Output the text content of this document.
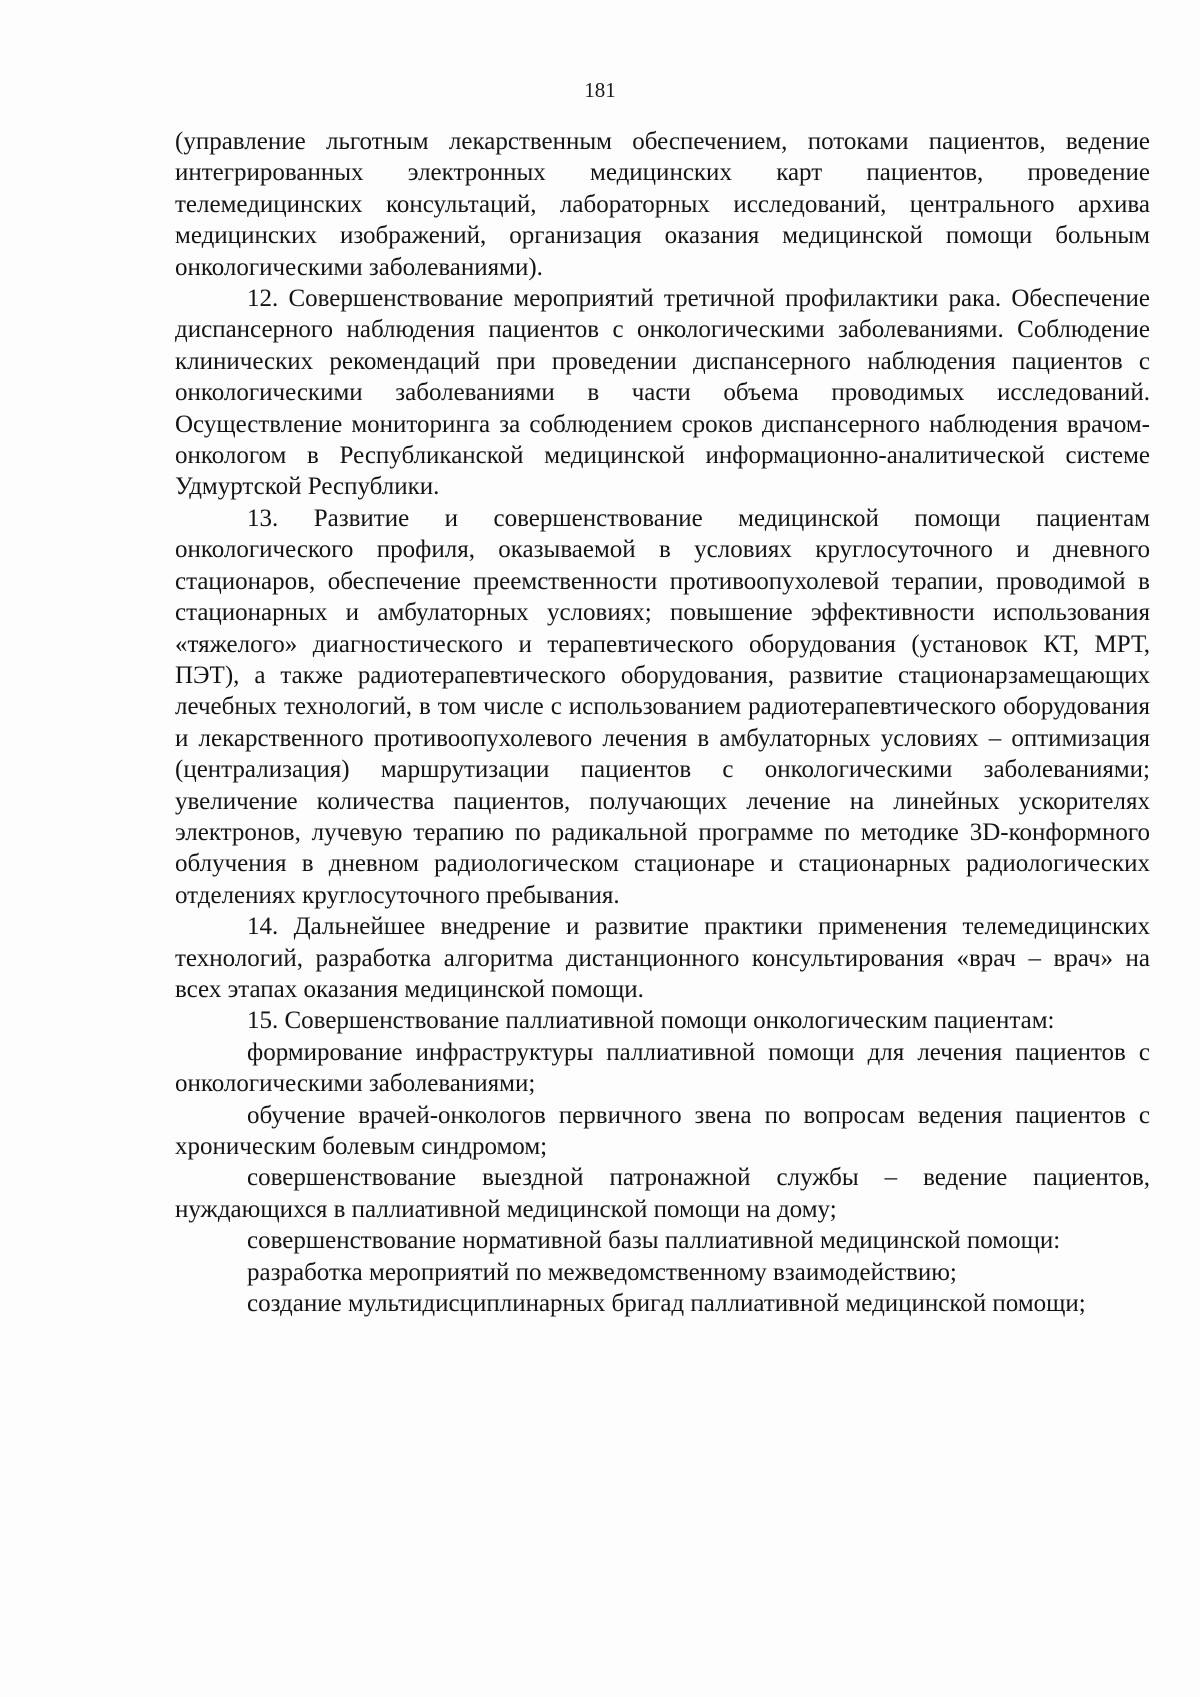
181

(управление льготным лекарственным обеспечением, потоками пациентов, ведение интегрированных электронных медицинских карт пациентов, проведение телемедицинских консультаций, лабораторных исследований, центрального архива медицинских изображений, организация оказания медицинской помощи больным онкологическими заболеваниями).

12. Совершенствование мероприятий третичной профилактики рака. Обеспечение диспансерного наблюдения пациентов с онкологическими заболеваниями. Соблюдение клинических рекомендаций при проведении диспансерного наблюдения пациентов с онкологическими заболеваниями в части объема проводимых исследований. Осуществление мониторинга за соблюдением сроков диспансерного наблюдения врачом-онкологом в Республиканской медицинской информационно-аналитической системе Удмуртской Республики.

13. Развитие и совершенствование медицинской помощи пациентам онкологического профиля, оказываемой в условиях круглосуточного и дневного стационаров, обеспечение преемственности противоопухолевой терапии, проводимой в стационарных и амбулаторных условиях; повышение эффективности использования «тяжелого» диагностического и терапевтического оборудования (установок КТ, МРТ, ПЭТ), а также радиотерапевтического оборудования, развитие стационарзамещающих лечебных технологий, в том числе с использованием радиотерапевтического оборудования и лекарственного противоопухолевого лечения в амбулаторных условиях – оптимизация (централизация) маршрутизации пациентов с онкологическими заболеваниями; увеличение количества пациентов, получающих лечение на линейных ускорителях электронов, лучевую терапию по радикальной программе по методике 3D-конформного облучения в дневном радиологическом стационаре и стационарных радиологических отделениях круглосуточного пребывания.

14. Дальнейшее внедрение и развитие практики применения телемедицинских технологий, разработка алгоритма дистанционного консультирования «врач – врач» на всех этапах оказания медицинской помощи.

15. Совершенствование паллиативной помощи онкологическим пациентам:

формирование инфраструктуры паллиативной помощи для лечения пациентов с онкологическими заболеваниями;

обучение врачей-онкологов первичного звена по вопросам ведения пациентов с хроническим болевым синдромом;

совершенствование выездной патронажной службы – ведение пациентов, нуждающихся в паллиативной медицинской помощи на дому;

совершенствование нормативной базы паллиативной медицинской помощи:

разработка мероприятий по межведомственному взаимодействию;

создание мультидисциплинарных бригад паллиативной медицинской помощи;
